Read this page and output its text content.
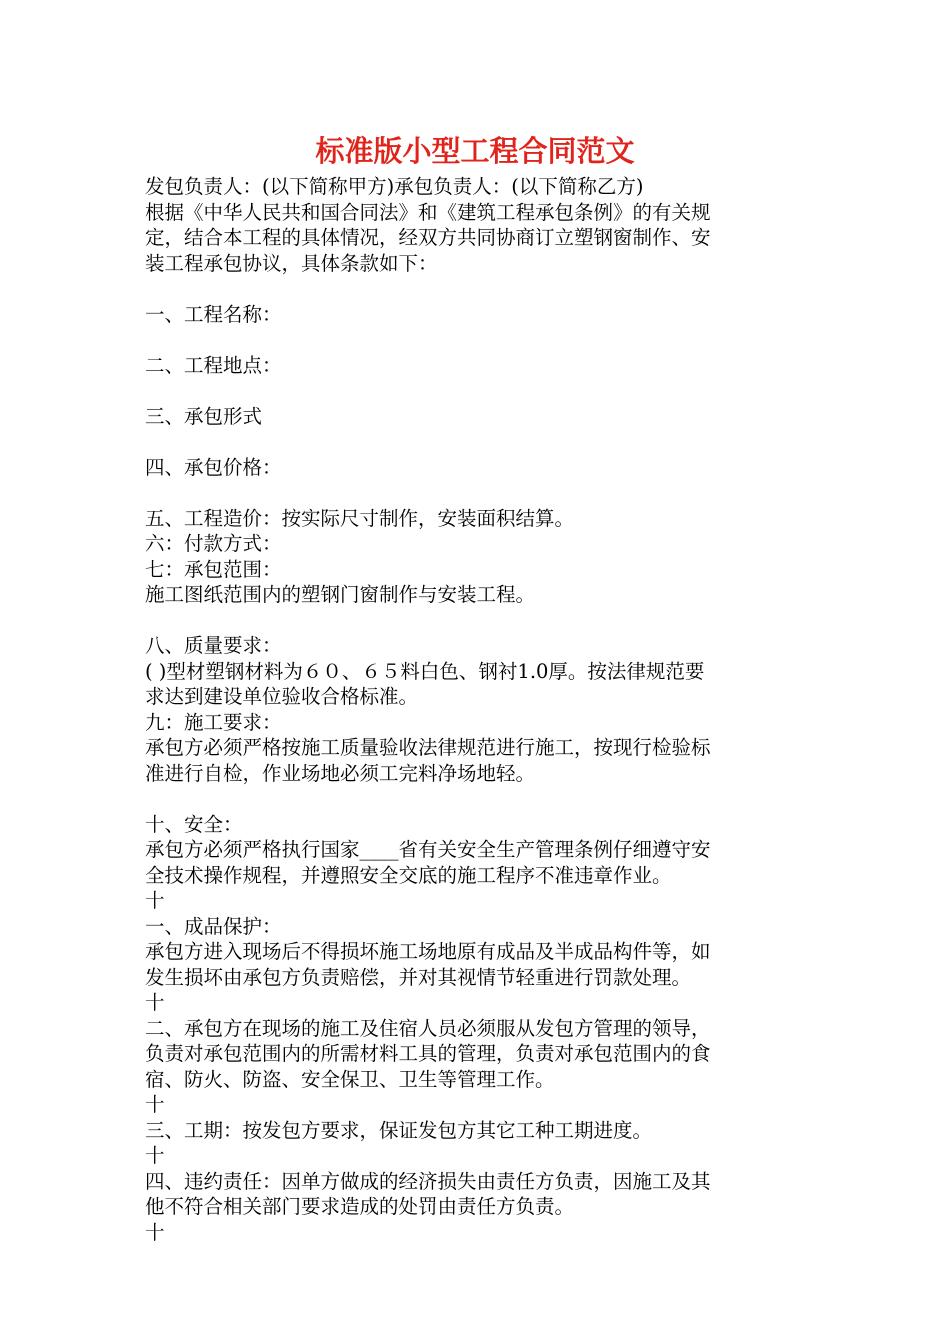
标准版小型工程合同范文
发包负责人：(以下简称甲方)承包负责人：(以下简称乙方)
根据《中华人民共和国合同法》和《建筑工程承包条例》的有关规
定，结合本工程的具体情况，经双方共同协商订立塑钢窗制作、安
装工程承包协议，具体条款如下：
一、工程名称：
二、工程地点：
三、承包形式
四、承包价格：
五、工程造价：按实际尺寸制作，安装面积结算。
六：付款方式：
七：承包范围：
施工图纸范围内的塑钢门窗制作与安装工程。
八、质量要求：
( )型材塑钢材料为６０、６５料白色、钢衬1.0厚。按法律规范要
求达到建设单位验收合格标准。
九：施工要求：
承包方必须严格按施工质量验收法律规范进行施工，按现行检验标
准进行自检，作业场地必须工完料净场地轻。
十、安全：
承包方必须严格执行国家____省有关安全生产管理条例仔细遵守安
全技术操作规程，并遵照安全交底的施工程序不准违章作业。
十
一、成品保护：
承包方进入现场后不得损坏施工场地原有成品及半成品构件等，如
发生损坏由承包方负责赔偿，并对其视情节轻重进行罚款处理。
十
二、承包方在现场的施工及住宿人员必须服从发包方管理的领导，
负责对承包范围内的所需材料工具的管理，负责对承包范围内的食
宿、防火、防盗、安全保卫、卫生等管理工作。
十
三、工期：按发包方要求，保证发包方其它工种工期进度。
十
四、违约责任：因单方做成的经济损失由责任方负责，因施工及其
他不符合相关部门要求造成的处罚由责任方负责。
十
